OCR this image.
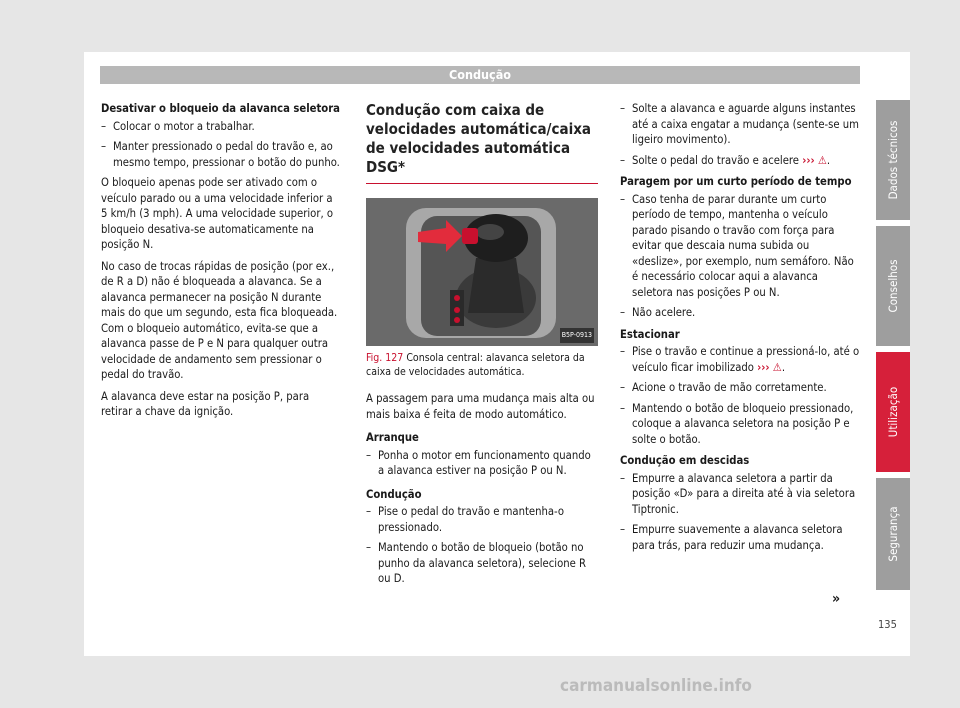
Condução

Desativar o bloqueio da alavanca seletora

– Colocar o motor a trabalhar.
– Manter pressionado o pedal do travão e, ao mesmo tempo, pressionar o botão do punho.

O bloqueio apenas pode ser ativado com o veículo parado ou a uma velocidade inferior a 5 km/h (3 mph). A uma velocidade superior, o bloqueio desativa-se automaticamente na posição N.

No caso de trocas rápidas de posição (por ex., de R a D) não é bloqueada a alavanca. Se a alavanca permanecer na posição N durante mais do que um segundo, esta fica bloqueada. Com o bloqueio automático, evita-se que a alavanca passe de P e N para qualquer outra velocidade de andamento sem pressionar o pedal do travão.

A alavanca deve estar na posição P, para retirar a chave da ignição.

Condução com caixa de velocidades automática/caixa de velocidades automática DSG*
B5P-0913
Fig. 127 Consola central: alavanca seletora da caixa de velocidades automática.

A passagem para uma mudança mais alta ou mais baixa é feita de modo automático.

Arranque

– Ponha o motor em funcionamento quando a alavanca estiver na posição P ou N.

Condução

– Pise o pedal do travão e mantenha-o pressionado.
– Mantendo o botão de bloqueio (botão no punho da alavanca seletora), selecione R ou D.
– Solte a alavanca e aguarde alguns instantes até a caixa engatar a mudança (sente-se um ligeiro movimento).
– Solte o pedal do travão e acelere ››› ⚠.

Paragem por um curto período de tempo

– Caso tenha de parar durante um curto período de tempo, mantenha o veículo parado pisando o travão com força para evitar que descaia numa subida ou «deslize», por exemplo, num semáforo. Não é necessário colocar aqui a alavanca seletora nas posições P ou N.
– Não acelere.

Estacionar

– Pise o travão e continue a pressioná-lo, até o veículo ficar imobilizado ››› ⚠.
– Acione o travão de mão corretamente.
– Mantendo o botão de bloqueio pressionado, coloque a alavanca seletora na posição P e solte o botão.

Condução em descidas

– Empurre a alavanca seletora a partir da posição «D» para a direita até à via seletora Tiptronic.
– Empurre suavemente a alavanca seletora para trás, para reduzir uma mudança.
»
Dados técnicos
Conselhos
Utilização
Segurança
135
carmanualsonline.info
